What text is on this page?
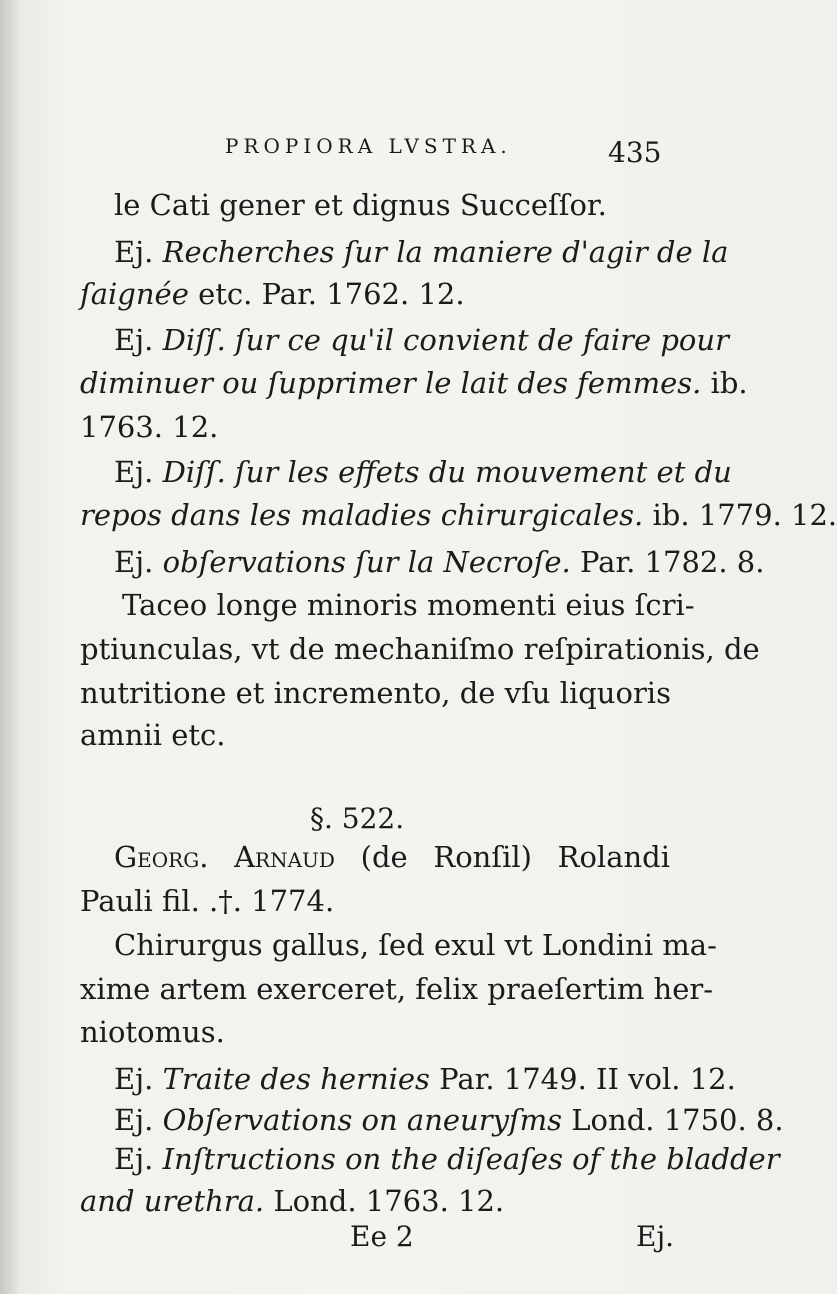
PROPIORA LVSTRA.	435
le Cati gener et dignus Succeſſor.
Ej. Recherches ſur la maniere d'agir de la
ſaignée etc. Par. 1762. 12.
Ej. Diſſ. ſur ce qu'il convient de faire pour
diminuer ou ſupprimer le lait des femmes. ib.
1763. 12.
Ej. Diſſ. ſur les effets du mouvement et du
repos dans les maladies chirurgicales. ib. 1779. 12.
Ej. obſervations ſur la Necroſe. Par. 1782. 8.
Taceo longe minoris momenti eius ſcri-
ptiunculas, vt de mechaniſmo reſpirationis, de
nutritione et incremento, de vſu liquoris
amnii etc.
§. 522.
Georg. Arnaud (de Ronſil) Rolandi
Pauli fil. .†. 1774.
Chirurgus gallus, ſed exul vt Londini ma-
xime artem exerceret, felix praeſertim her-
niotomus.
Ej. Traite des hernies Par. 1749. II vol. 12.
Ej. Obſervations on aneuryſms Lond. 1750. 8.
Ej. Inſtructions on the diſeaſes of the bladder
and urethra. Lond. 1763. 12.
Ee 2	Ej.
